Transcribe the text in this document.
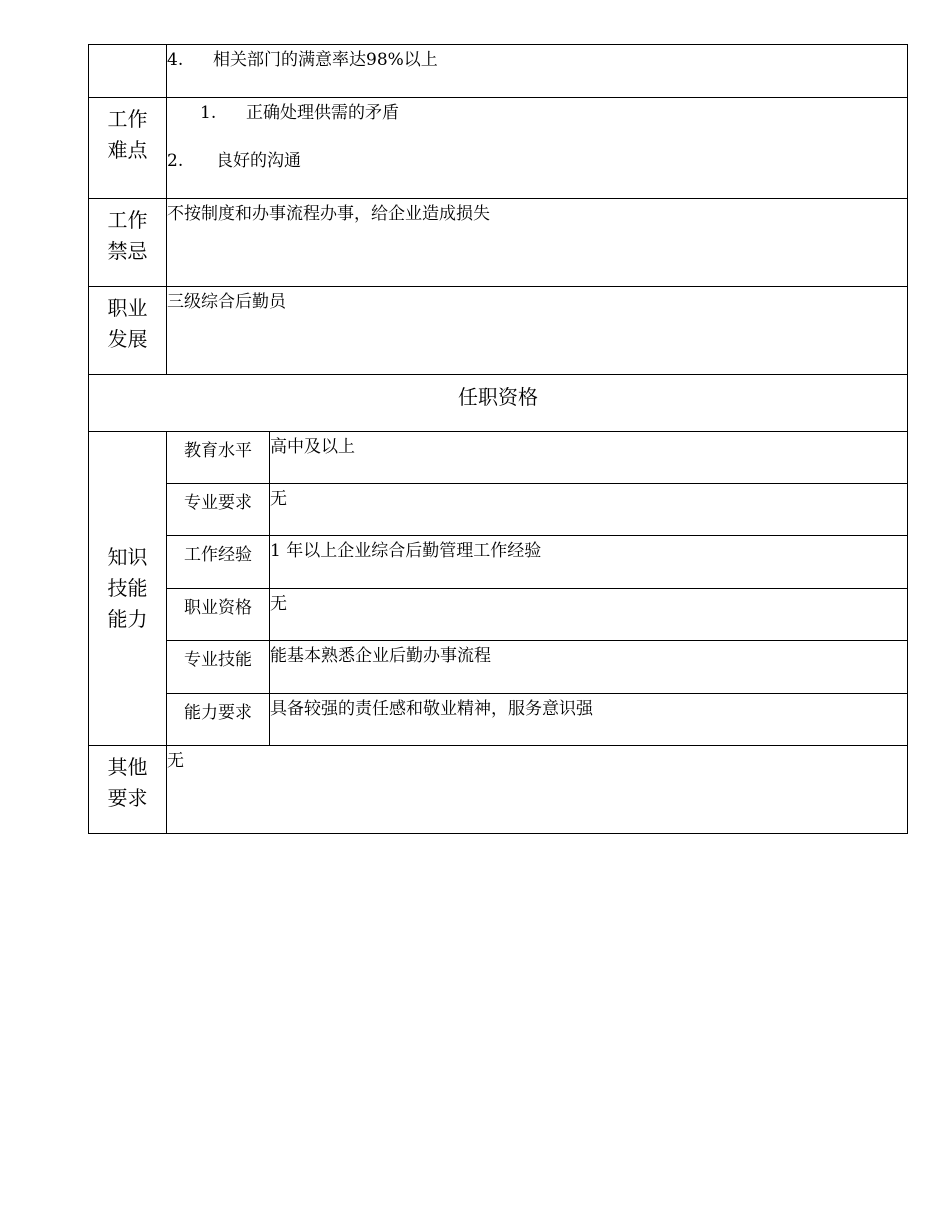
	4. 相关部门的满意率达98%以上	

工作
难点	1. 正确处理供需的矛盾
2. 良好的沟通	

工作
禁忌	不按制度和办事流程办事，给企业造成损失	
职业
发展	三级综合后勤员	
任职资格		
知识
技能
能力	教育水平	高中及以上
	专业要求	无
	工作经验	1 年以上企业综合后勤管理工作经验
	职业资格	无
	专业技能	能基本熟悉企业后勤办事流程
	能力要求	具备较强的责任感和敬业精神，服务意识强
其他
要求	无	
